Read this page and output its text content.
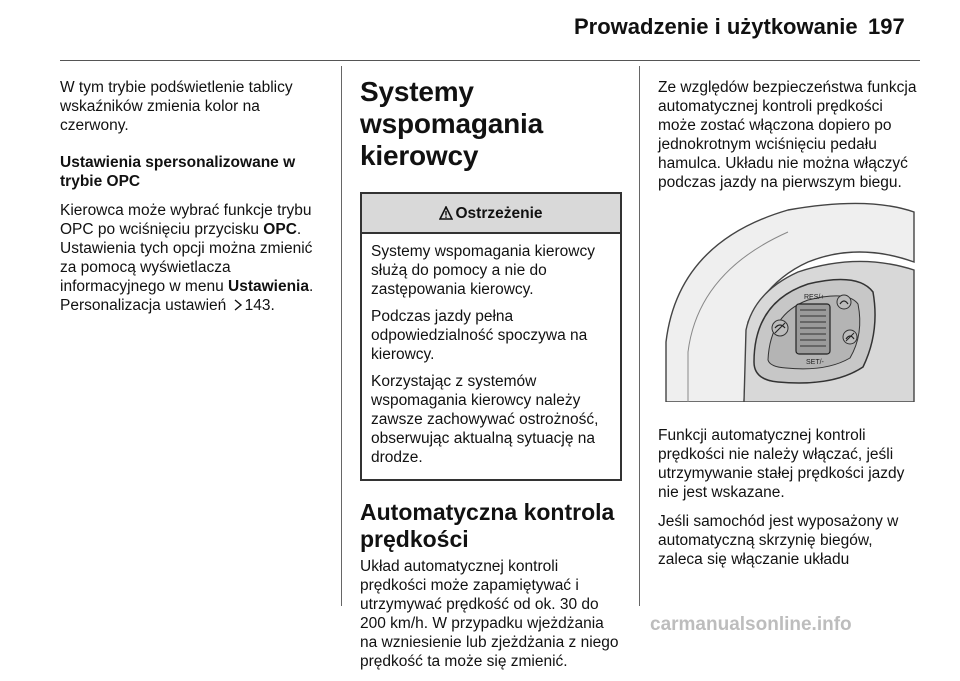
Prowadzenie i użytkowanie 197

W tym trybie podświetlenie tablicy wskaźników zmienia kolor na czerwony.

Ustawienia spersonalizowane w trybie OPC

Kierowca może wybrać funkcje trybu OPC po wciśnięciu przycisku OPC. Ustawienia tych opcji można zmienić za pomocą wyświetlacza informacyjnego w menu Ustawienia. Personalizacja ustawień 143.

Systemy wspomagania kierowcy
Ostrzeżenie

Systemy wspomagania kierowcy służą do pomocy a nie do zastępowania kierowcy.

Podczas jazdy pełna odpowiedzialność spoczywa na kierowcy.

Korzystając z systemów wspomagania kierowcy należy zawsze zachowywać ostrożność, obserwując aktualną sytuację na drodze.

Automatyczna kontrola prędkości

Układ automatycznej kontroli prędkości może zapamiętywać i utrzymywać prędkość od ok. 30 do 200 km/h. W przypadku wjeżdżania na wzniesienie lub zjeżdżania z niego prędkość ta może się zmienić.

Ze względów bezpieczeństwa funkcja automatycznej kontroli prędkości może zostać włączona dopiero po jednokrotnym wciśnięciu pedału hamulca. Układu nie można włączyć podczas jazdy na pierwszym biegu.

RES/+
SET/-

Funkcji automatycznej kontroli prędkości nie należy włączać, jeśli utrzymywanie stałej prędkości jazdy nie jest wskazane.

Jeśli samochód jest wyposażony w automatyczną skrzynię biegów, zaleca się włączanie układu

carmanualsonline.info
